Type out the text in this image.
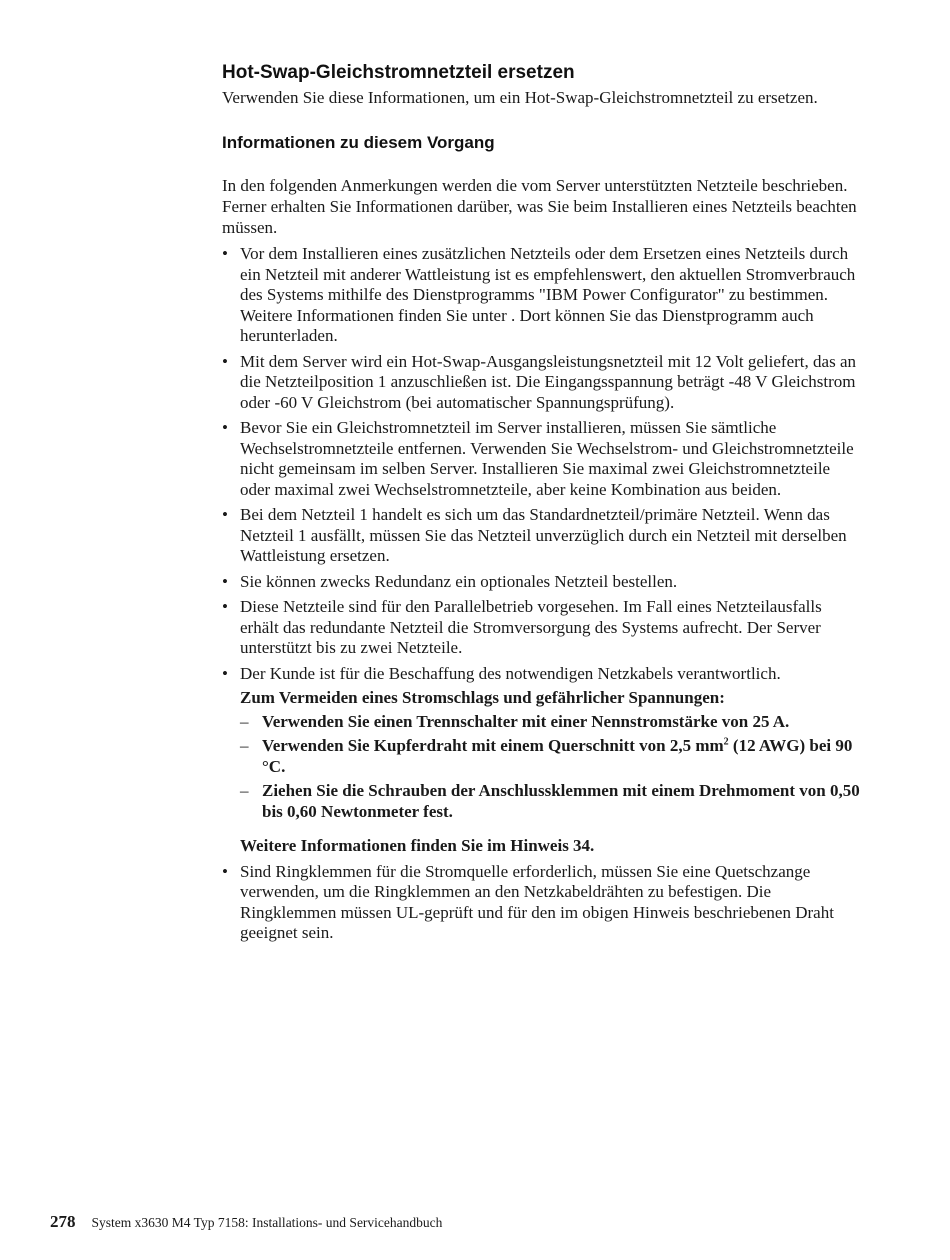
Hot-Swap-Gleichstromnetzteil ersetzen

Verwenden Sie diese Informationen, um ein Hot-Swap-Gleichstromnetzteil zu ersetzen.

Informationen zu diesem Vorgang

In den folgenden Anmerkungen werden die vom Server unterstützten Netzteile beschrieben. Ferner erhalten Sie Informationen darüber, was Sie beim Installieren eines Netzteils beachten müssen.

• Vor dem Installieren eines zusätzlichen Netzteils oder dem Ersetzen eines Netzteils durch ein Netzteil mit anderer Wattleistung ist es empfehlenswert, den aktuellen Stromverbrauch des Systems mithilfe des Dienstprogramms "IBM Power Configurator" zu bestimmen. Weitere Informationen finden Sie unter . Dort können Sie das Dienstprogramm auch herunterladen.
• Mit dem Server wird ein Hot-Swap-Ausgangsleistungsnetzteil mit 12 Volt geliefert, das an die Netzteilposition 1 anzuschließen ist. Die Eingangsspannung beträgt -48 V Gleichstrom oder -60 V Gleichstrom (bei automatischer Spannungsprüfung).
• Bevor Sie ein Gleichstromnetzteil im Server installieren, müssen Sie sämtliche Wechselstromnetzteile entfernen. Verwenden Sie Wechselstrom- und Gleichstromnetzteile nicht gemeinsam im selben Server. Installieren Sie maximal zwei Gleichstromnetzteile oder maximal zwei Wechselstromnetzteile, aber keine Kombination aus beiden.
• Bei dem Netzteil 1 handelt es sich um das Standardnetzteil/primäre Netzteil. Wenn das Netzteil 1 ausfällt, müssen Sie das Netzteil unverzüglich durch ein Netzteil mit derselben Wattleistung ersetzen.
• Sie können zwecks Redundanz ein optionales Netzteil bestellen.
• Diese Netzteile sind für den Parallelbetrieb vorgesehen. Im Fall eines Netzteilausfalls erhält das redundante Netzteil die Stromversorgung des Systems aufrecht. Der Server unterstützt bis zu zwei Netzteile.
• Der Kunde ist für die Beschaffung des notwendigen Netzkabels verantwortlich.
Zum Vermeiden eines Stromschlags und gefährlicher Spannungen:
– Verwenden Sie einen Trennschalter mit einer Nennstromstärke von 25 A.
– Verwenden Sie Kupferdraht mit einem Querschnitt von 2,5 $mm^2$ (12 AWG) bei 90 °C.
– Ziehen Sie die Schrauben der Anschlussklemmen mit einem Drehmoment von 0,50 bis 0,60 Newtonmeter fest.
Weitere Informationen finden Sie im Hinweis 34.
• Sind Ringklemmen für die Stromquelle erforderlich, müssen Sie eine Quetschzange verwenden, um die Ringklemmen an den Netzkabeldrähten zu befestigen. Die Ringklemmen müssen UL-geprüft und für den im obigen Hinweis beschriebenen Draht geeignet sein.
278 System x3630 M4 Typ 7158: Installations- und Servicehandbuch
